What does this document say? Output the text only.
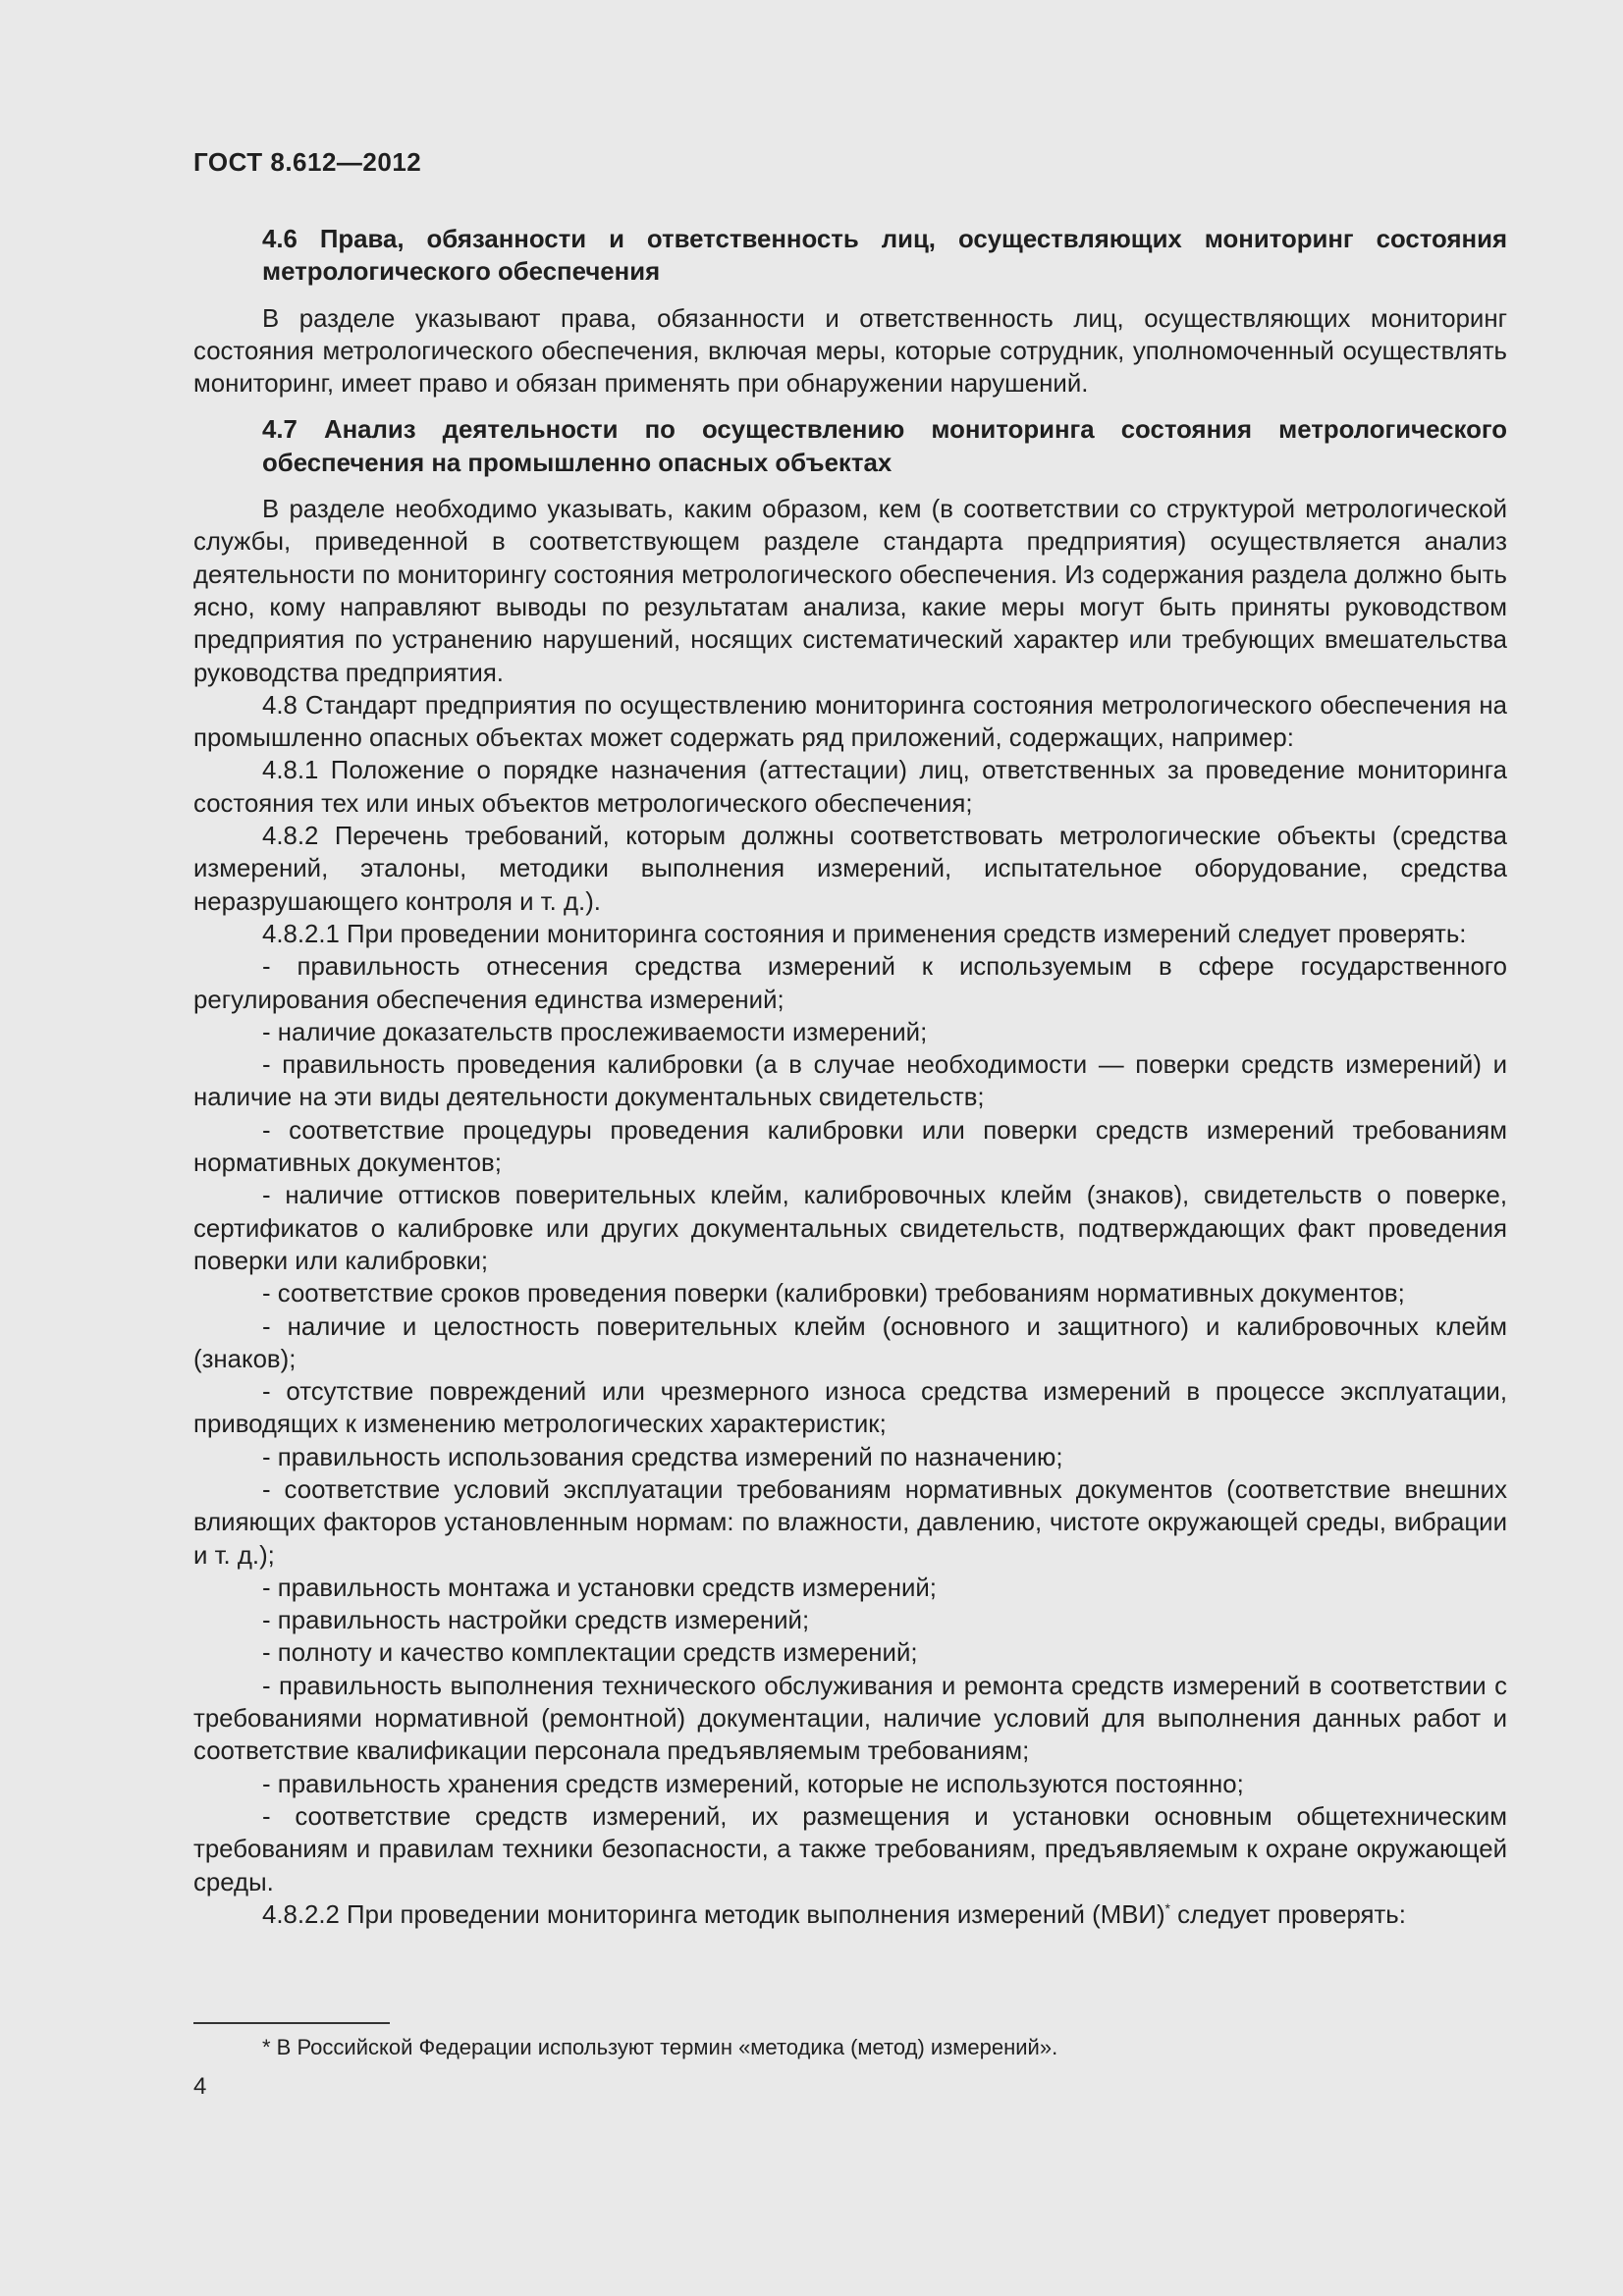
ГОСТ 8.612—2012

4.6 Права, обязанности и ответственность лиц, осуществляющих мониторинг состояния метрологического обеспечения

В разделе указывают права, обязанности и ответственность лиц, осуществляющих мониторинг состояния метрологического обеспечения, включая меры, которые сотрудник, уполномоченный осуществлять мониторинг, имеет право и обязан применять при обнаружении нарушений.

4.7 Анализ деятельности по осуществлению мониторинга состояния метрологического обеспечения на промышленно опасных объектах

В разделе необходимо указывать, каким образом, кем (в соответствии со структурой метрологической службы, приведенной в соответствующем разделе стандарта предприятия) осуществляется анализ деятельности по мониторингу состояния метрологического обеспечения. Из содержания раздела должно быть ясно, кому направляют выводы по результатам анализа, какие меры могут быть приняты руководством предприятия по устранению нарушений, носящих систематический характер или требующих вмешательства руководства предприятия.

4.8 Стандарт предприятия по осуществлению мониторинга состояния метрологического обеспечения на промышленно опасных объектах может содержать ряд приложений, содержащих, например:

4.8.1 Положение о порядке назначения (аттестации) лиц, ответственных за проведение мониторинга состояния тех или иных объектов метрологического обеспечения;

4.8.2 Перечень требований, которым должны соответствовать метрологические объекты (средства измерений, эталоны, методики выполнения измерений, испытательное оборудование, средства неразрушающего контроля и т. д.).

4.8.2.1 При проведении мониторинга состояния и применения средств измерений следует проверять:

- правильность отнесения средства измерений к используемым в сфере государственного регулирования обеспечения единства измерений;

- наличие доказательств прослеживаемости измерений;

- правильность проведения калибровки (а в случае необходимости — поверки средств измерений) и наличие на эти виды деятельности документальных свидетельств;

- соответствие процедуры проведения калибровки или поверки средств измерений требованиям нормативных документов;

- наличие оттисков поверительных клейм, калибровочных клейм (знаков), свидетельств о поверке, сертификатов о калибровке или других документальных свидетельств, подтверждающих факт проведения поверки или калибровки;

- соответствие сроков проведения поверки (калибровки) требованиям нормативных документов;

- наличие и целостность поверительных клейм (основного и защитного) и калибровочных клейм (знаков);

- отсутствие повреждений или чрезмерного износа средства измерений в процессе эксплуатации, приводящих к изменению метрологических характеристик;

- правильность использования средства измерений по назначению;

- соответствие условий эксплуатации требованиям нормативных документов (соответствие внешних влияющих факторов установленным нормам: по влажности, давлению, чистоте окружающей среды, вибрации и т. д.);

- правильность монтажа и установки средств измерений;

- правильность настройки средств измерений;

- полноту и качество комплектации средств измерений;

- правильность выполнения технического обслуживания и ремонта средств измерений в соответствии с требованиями нормативной (ремонтной) документации, наличие условий для выполнения данных работ и соответствие квалификации персонала предъявляемым требованиям;

- правильность хранения средств измерений, которые не используются постоянно;

- соответствие средств измерений, их размещения и установки основным общетехническим требованиям и правилам техники безопасности, а также требованиям, предъявляемым к охране окружающей среды.

4.8.2.2 При проведении мониторинга методик выполнения измерений (МВИ)* следует проверять:

* В Российской Федерации используют термин «методика (метод) измерений».
4
